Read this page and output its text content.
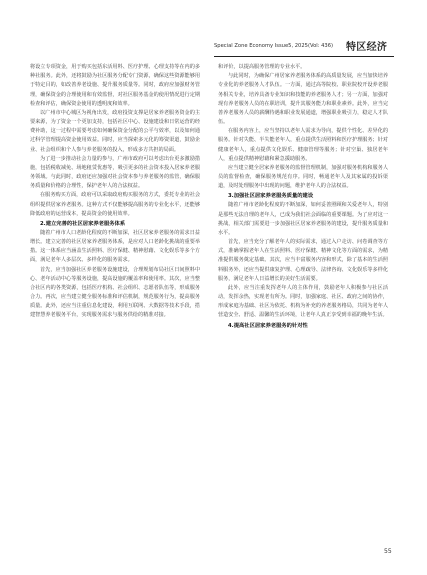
Special Zone Economy Issue5, 2025(Vol: 436) 特区经济

将设立专项资金，用于购买包括东活用料、医疗护理、心理支持等在内的多种社服务。此外，还将鼓励为社区服务分配专门资源，确保这些资源能够用于特定目的，如改善养老设施、提升服务质量等。同时，政府应加强财务管理，确保资金的合理使用和有效监督，对社区服务基金的使用情况进行定期检查和评估，确保资金使用的透明度和效率。

以广州市中心城区为视角出发，政府投资支撑是居家养老服务资金的主要来源，为了资金一个更加支持，包括社区中心、设施建设和日常运营的经费补助，这一过程中需要考虑如何确保资金分配的公平与效率，以及如何通过科学管理提高资金使用效益。同时，应当探索多元化的筹资渠道，鼓励企业、社会组织和个人参与养老服务的投入，形成多方共担的局面。

为了进一步推动社会力量的参与，广州市政府可以考虑出台更多激励措施，包括税收减免、场地租赁优惠等，吸引更多的社会资本投入居家养老服务领域。与此同时，政府还应加强对社会资本参与养老服务的监管，确保服务质量和价格的合理性，保护老年人的合法权益。

在服务购买方面，政府可以采取政府购买服务的方式，委托专业的社会组织提供居家养老服务。这种方式不仅能够提高服务的专业化水平，还能够降低政府的运营成本，提高资金的使用效率。

2.建立完善的社区居家养老服务体系

随着广州市人口老龄化程度的不断加深，社区居家养老服务的需求日益增长。建立完善的社区居家养老服务体系，是应对人口老龄化挑战的重要举措。这一体系应当涵盖生活照料、医疗保健、精神慰藉、文化娱乐等多个方面，满足老年人多层次、多样化的服务需求。

首先，应当加强社区养老服务设施建设，合理规划布局社区日间照料中心、老年活动中心等服务设施，提高设施的覆盖率和使用率。其次，应当整合社区内的各类资源，包括医疗机构、社会组织、志愿者队伍等，形成服务合力。再次，应当建立健全服务标准和评估机制，规范服务行为，提高服务质量。此外，还应当注重信息化建设，利用互联网、大数据等技术手段，搭建智慧养老服务平台，实现服务需求与服务供给的精准对接。

和评价，以提高服务管理的专业水平。

与此同时，为确保广州居家养老服务体系的高质量发展，应当加快培养专业化的养老服务人才队伍。一方面，通过高等院校、职业院校开设养老服务相关专业，培养具备专业知识和技能的养老服务人才；另一方面，加强对现有养老服务人员的在职培训，提升其服务能力和职业素养。此外，应当完善养老服务人员的薪酬待遇和职业发展通道，增强职业吸引力，稳定人才队伍。

在服务内容上，应当坚持以老年人需求为导向，提供个性化、差异化的服务。针对失能、半失能老年人，重点提供生活照料和医疗护理服务；针对健康老年人，重点提供文化娱乐、健康管理等服务；针对空巢、独居老年人，重点提供精神慰藉和紧急援助服务。

应当建立健全居家养老服务的监督管理机制，加强对服务机构和服务人员的监督检查，确保服务规范有序。同时，畅通老年人及其家属的投诉渠道，及时处理服务中出现的问题，维护老年人的合法权益。

3.加强社区居家养老服务质量的建设

随着广州市老龄化程度的不断加深，如何妥善照顾和关爱老年人，特别是那些无法自理的老年人，已成为我们社会面临的重要课题。为了应对这一挑战，相关部门需要进一步加强社区居家养老服务的建设，提升服务质量和水平。

首先，应当充分了解老年人的实际需求，通过入户走访、问卷调查等方式，准确掌握老年人在生活照料、医疗保健、精神文化等方面的需求，为精准提供服务奠定基础。其次，应当丰富服务内容和形式，除了基本的生活照料服务外，还应当提供康复护理、心理疏导、法律咨询、文化娱乐等多样化服务，满足老年人日益增长的美好生活需要。

此外，应当注重发挥老年人的主体作用，鼓励老年人积极参与社区活动，发挥余热，实现老有所为。同时，加强家庭、社区、政府之间的协作，形成家庭为基础、社区为依托、机构为补充的养老服务格局，共同为老年人营造安全、舒适、温馨的生活环境，让老年人真正享受到幸福的晚年生活。

4.提高社区居家养老服务的针对性

55
